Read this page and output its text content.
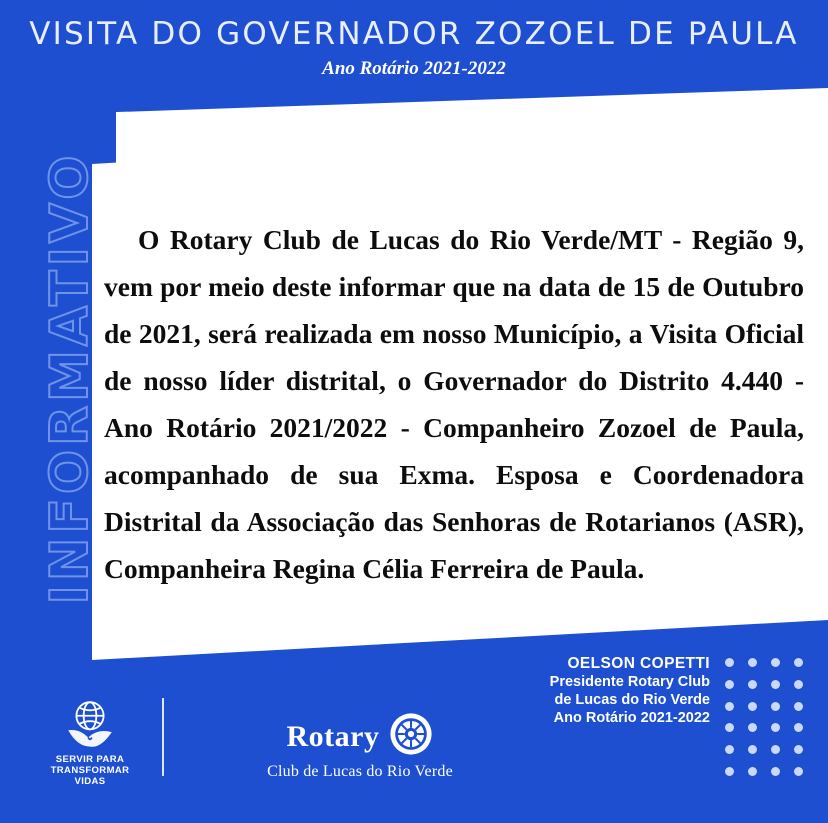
INFORMATIVO
VISITA DO GOVERNADOR ZOZOEL DE PAULA
Ano Rotário 2021-2022
O Rotary Club de Lucas do Rio Verde/MT - Região 9, vem por meio deste informar que na data de 15 de Outubro de 2021, será realizada em nosso Município, a Visita Oficial de nosso líder distrital, o Governador do Distrito 4.440 - Ano Rotário 2021/2022 - Companheiro Zozoel de Paula, acompanhado de sua Exma. Esposa e Coordenadora Distrital da Associação das Senhoras de Rotarianos (ASR), Companheira Regina Célia Ferreira de Paula.
OELSON COPETTI
Presidente Rotary Club
de Lucas do Rio Verde
Ano Rotário 2021-2022
SERVIR PARA
TRANSFORMAR VIDAS
Rotary
Club de Lucas do Rio Verde
